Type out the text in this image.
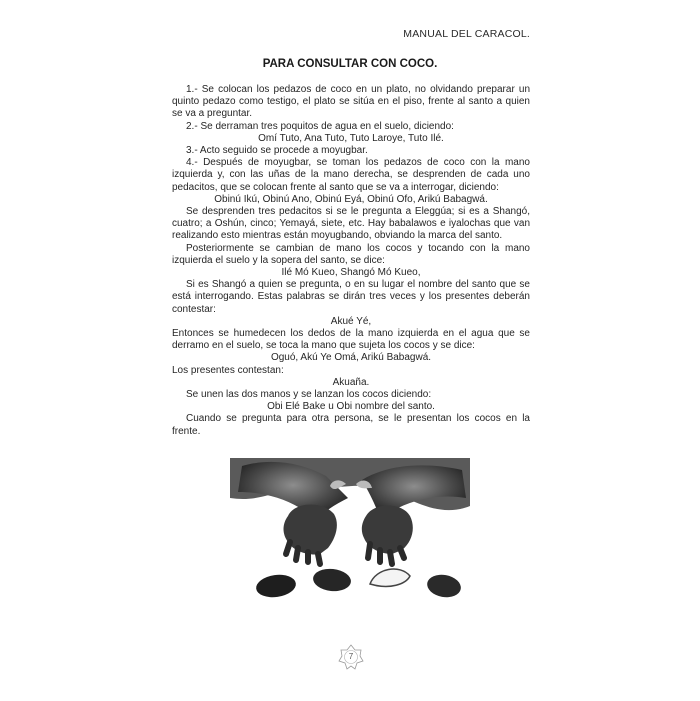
MANUAL DEL CARACOL.
PARA CONSULTAR CON COCO.

1.- Se colocan los pedazos de coco en un plato, no olvidando preparar un quinto pedazo como testigo, el plato se sitúa en el piso, frente al santo a quien se va a preguntar.

2.- Se derraman tres poquitos de agua en el suelo, diciendo:

Omí Tuto, Ana Tuto, Tuto Laroye, Tuto Ilé.

3.- Acto seguido se procede a moyugbar.

4.- Después de moyugbar, se toman los pedazos de coco con la mano izquierda y, con las uñas de la mano derecha, se desprenden de cada uno pedacitos, que se colocan frente al santo que se va a interrogar, diciendo:

Obinú Ikú, Obinú Ano, Obinú Eyá, Obinú Ofo, Arikú Babagwá.

Se desprenden tres pedacitos si se le pregunta a Eleggúa; si es a Shangó, cuatro; a Oshún, cinco; Yemayá, siete, etc. Hay babalawos e iyalochas que van realizando esto mientras están moyugbando, obviando la marca del santo.

Posteriormente se cambian de mano los cocos y tocando con la mano izquierda el suelo y la sopera del santo, se dice:

Ilé Mó Kueo, Shangó Mó Kueo,

Si es Shangó a quien se pregunta, o en su lugar el nombre del santo que se está interrogando. Estas palabras se dirán tres veces y los presentes deberán contestar:

Akué Yé,

Entonces se humedecen los dedos de la mano izquierda en el agua que se derramo en el suelo, se toca la mano que sujeta los cocos y se dice:

Oguó, Akú Ye Omá, Arikú Babagwá.

Los presentes contestan:

Akuaña.

Se unen las dos manos y se lanzan los cocos diciendo:

Obi Elé Bake u Obi nombre del santo.

Cuando se pregunta para otra persona, se le presentan los cocos en la frente.

7
